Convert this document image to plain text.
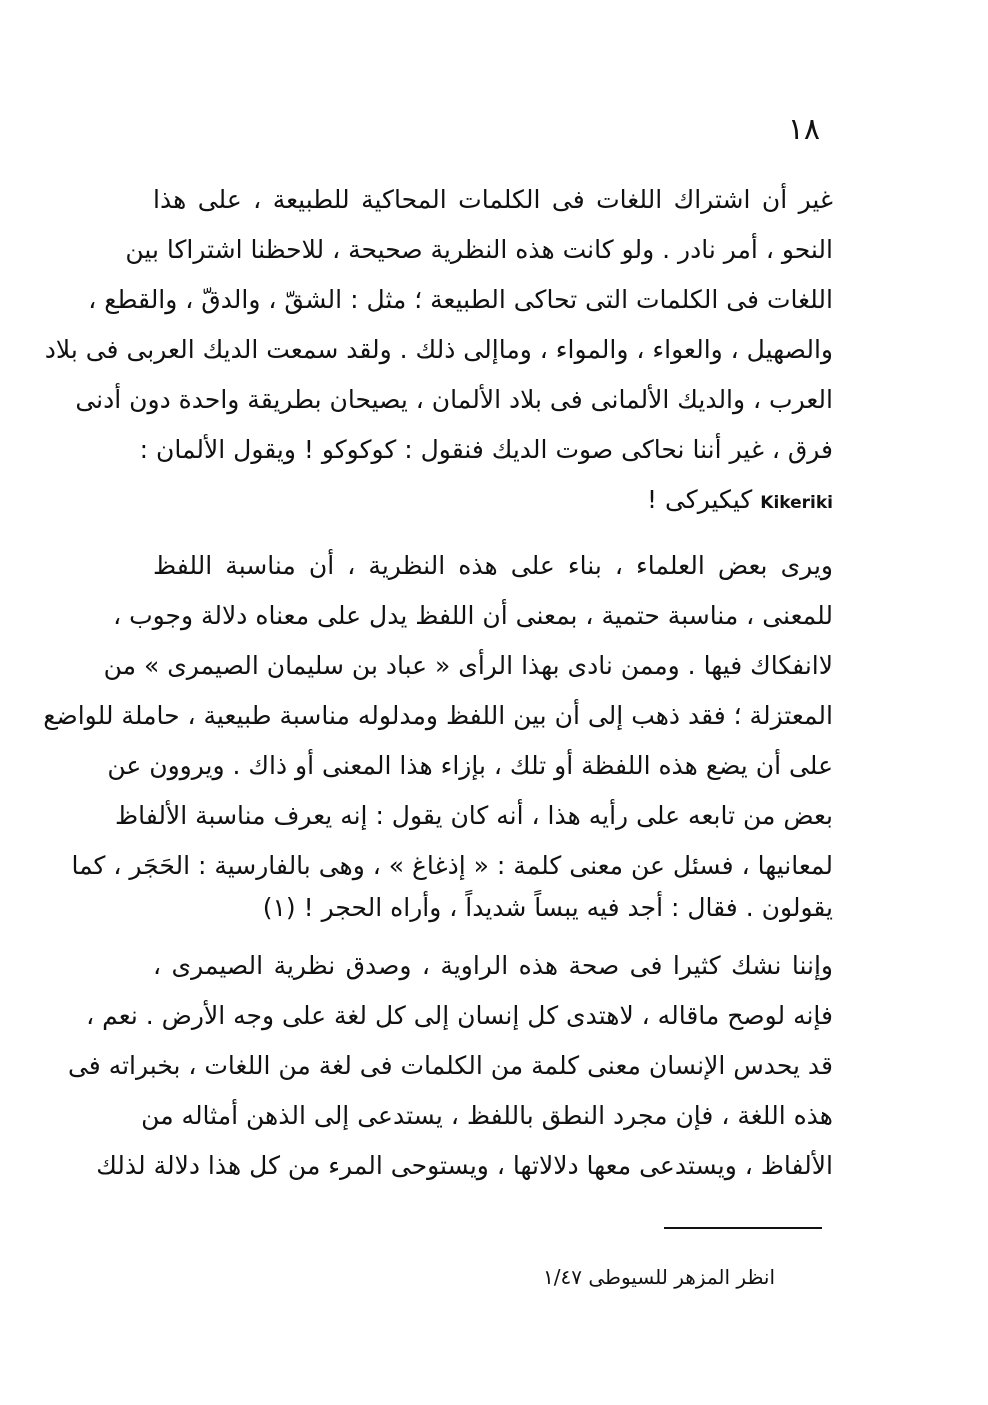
١٨
غير أن اشتراك اللغات فى الكلمات المحاكية للطبيعة ، على هذا
النحو ، أمر نادر . ولو كانت هذه النظرية صحيحة ، للاحظنا اشتراكا بين
اللغات فى الكلمات التى تحاكى الطبيعة ؛ مثل : الشقّ ، والدقّ ، والقطع ،
والصهيل ، والعواء ، والمواء ، وماإلى ذلك . ولقد سمعت الديك العربى فى بلاد
العرب ، والديك الألمانى فى بلاد الألمان ، يصيحان بطريقة واحدة دون أدنى
فرق ، غير أننا نحاكى صوت الديك فنقول : كوكوكو ! ويقول الألمان :
Kikeriki كيكيركى !
ويرى بعض العلماء ، بناء على هذه النظرية ، أن مناسبة اللفظ
للمعنى ، مناسبة حتمية ، بمعنى أن اللفظ يدل على معناه دلالة وجوب ،
لاانفكاك فيها . وممن نادى بهذا الرأى « عباد بن سليمان الصيمرى » من
المعتزلة ؛ فقد ذهب إلى أن بين اللفظ ومدلوله مناسبة طبيعية ، حاملة للواضع
على أن يضع هذه اللفظة أو تلك ، بإزاء هذا المعنى أو ذاك . ويروون عن
بعض من تابعه على رأيه هذا ، أنه كان يقول : إنه يعرف مناسبة الألفاظ
لمعانيها ، فسئل عن معنى كلمة : « إذغاغ » ، وهى بالفارسية : الحَجَر ، كما
يقولون . فقال : أجد فيه يبساً شديداً ، وأراه الحجر ! (١)
وإننا نشك كثيرا فى صحة هذه الراوية ، وصدق نظرية الصيمرى ،
فإنه لوصح ماقاله ، لاهتدى كل إنسان إلى كل لغة على وجه الأرض . نعم ،
قد يحدس الإنسان معنى كلمة من الكلمات فى لغة من اللغات ، بخبراته فى
هذه اللغة ، فإن مجرد النطق باللفظ ، يستدعى إلى الذهن أمثاله من
الألفاظ ، ويستدعى معها دلالاتها ، ويستوحى المرء من كل هذا دلالة لذلك
انظر المزهر للسيوطى ١/٤٧
